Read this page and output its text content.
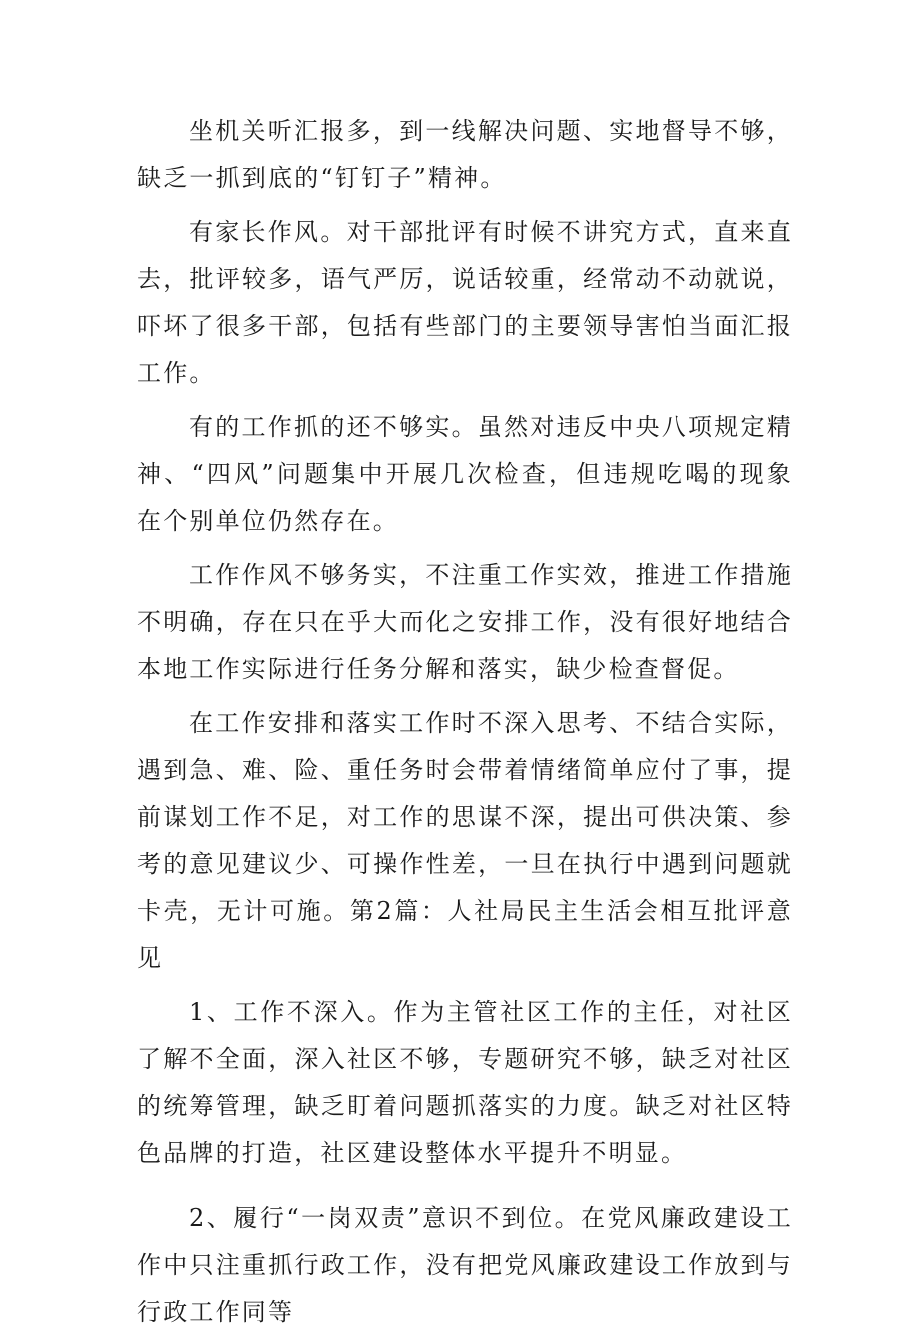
坐机关听汇报多，到一线解决问题、实地督导不够，缺乏一抓到底的“钉钉子”精神。

有家长作风。对干部批评有时候不讲究方式，直来直去，批评较多，语气严厉，说话较重，经常动不动就说，吓坏了很多干部，包括有些部门的主要领导害怕当面汇报工作。

有的工作抓的还不够实。虽然对违反中央八项规定精神、“四风”问题集中开展几次检查，但违规吃喝的现象在个别单位仍然存在。

工作作风不够务实，不注重工作实效，推进工作措施不明确，存在只在乎大而化之安排工作，没有很好地结合本地工作实际进行任务分解和落实，缺少检查督促。

在工作安排和落实工作时不深入思考、不结合实际，遇到急、难、险、重任务时会带着情绪简单应付了事，提前谋划工作不足，对工作的思谋不深，提出可供决策、参考的意见建议少、可操作性差，一旦在执行中遇到问题就卡壳，无计可施。第2篇：人社局民主生活会相互批评意见

1、工作不深入。作为主管社区工作的主任，对社区了解不全面，深入社区不够，专题研究不够，缺乏对社区的统筹管理，缺乏盯着问题抓落实的力度。缺乏对社区特色品牌的打造，社区建设整体水平提升不明显。

2、履行“一岗双责”意识不到位。在党风廉政建设工作中只注重抓行政工作，没有把党风廉政建设工作放到与行政工作同等
